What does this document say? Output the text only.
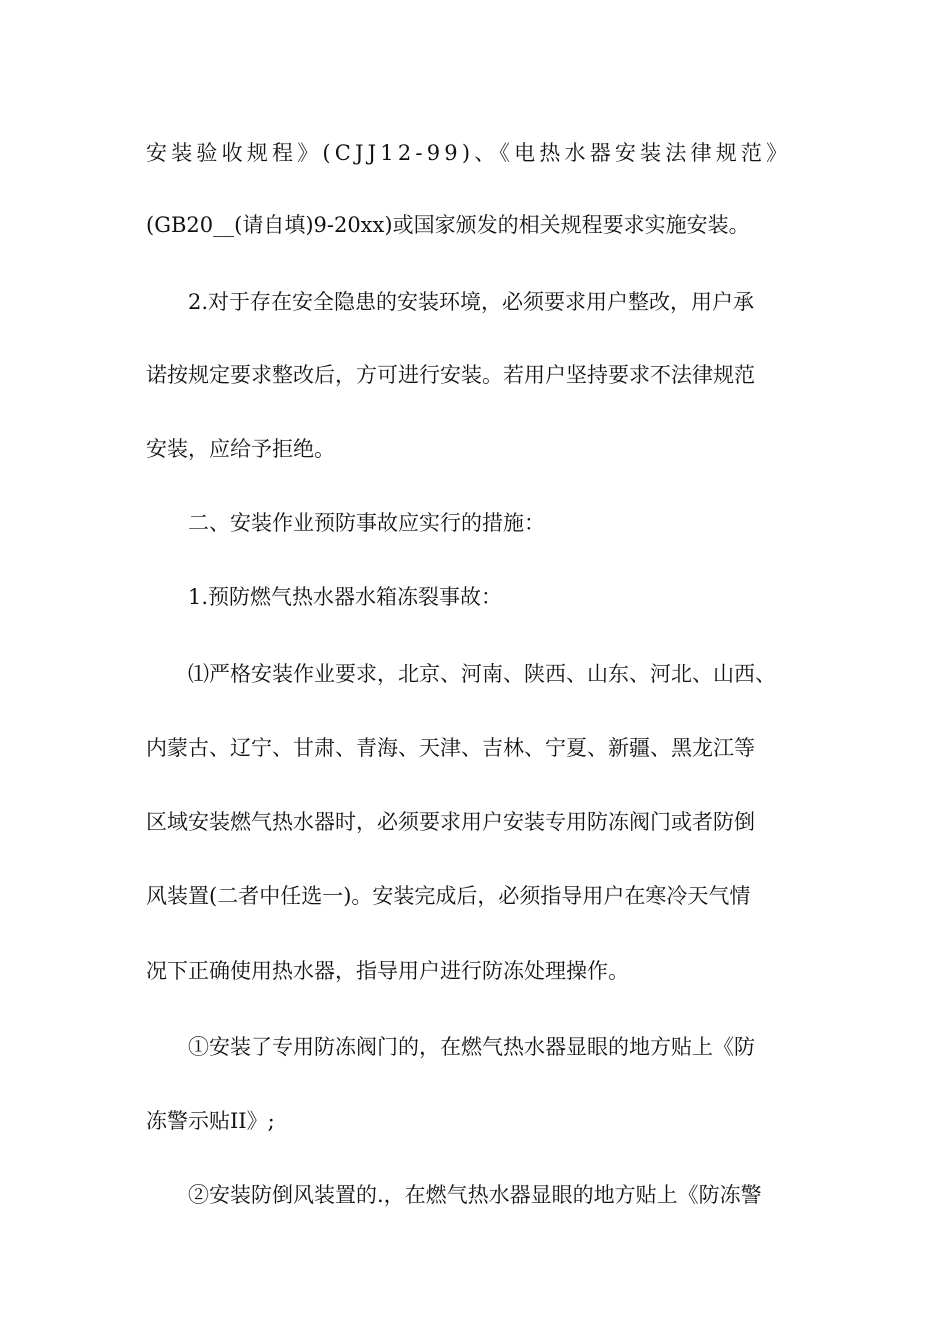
安装验收规程》(CJJ12-99)、《电热水器安装法律规范》
(GB20__(请自填)9-20xx)或国家颁发的相关规程要求实施安装。
2.对于存在安全隐患的安装环境，必须要求用户整改，用户承
诺按规定要求整改后，方可进行安装。若用户坚持要求不法律规范
安装，应给予拒绝。
二、安装作业预防事故应实行的措施：
1.预防燃气热水器水箱冻裂事故：
⑴严格安装作业要求，北京、河南、陕西、山东、河北、山西、
内蒙古、辽宁、甘肃、青海、天津、吉林、宁夏、新疆、黑龙江等
区域安装燃气热水器时，必须要求用户安装专用防冻阀门或者防倒
风装置(二者中任选一)。安装完成后，必须指导用户在寒冷天气情
况下正确使用热水器，指导用户进行防冻处理操作。
①安装了专用防冻阀门的，在燃气热水器显眼的地方贴上《防
冻警示贴II》;
②安装防倒风装置的.，在燃气热水器显眼的地方贴上《防冻警
